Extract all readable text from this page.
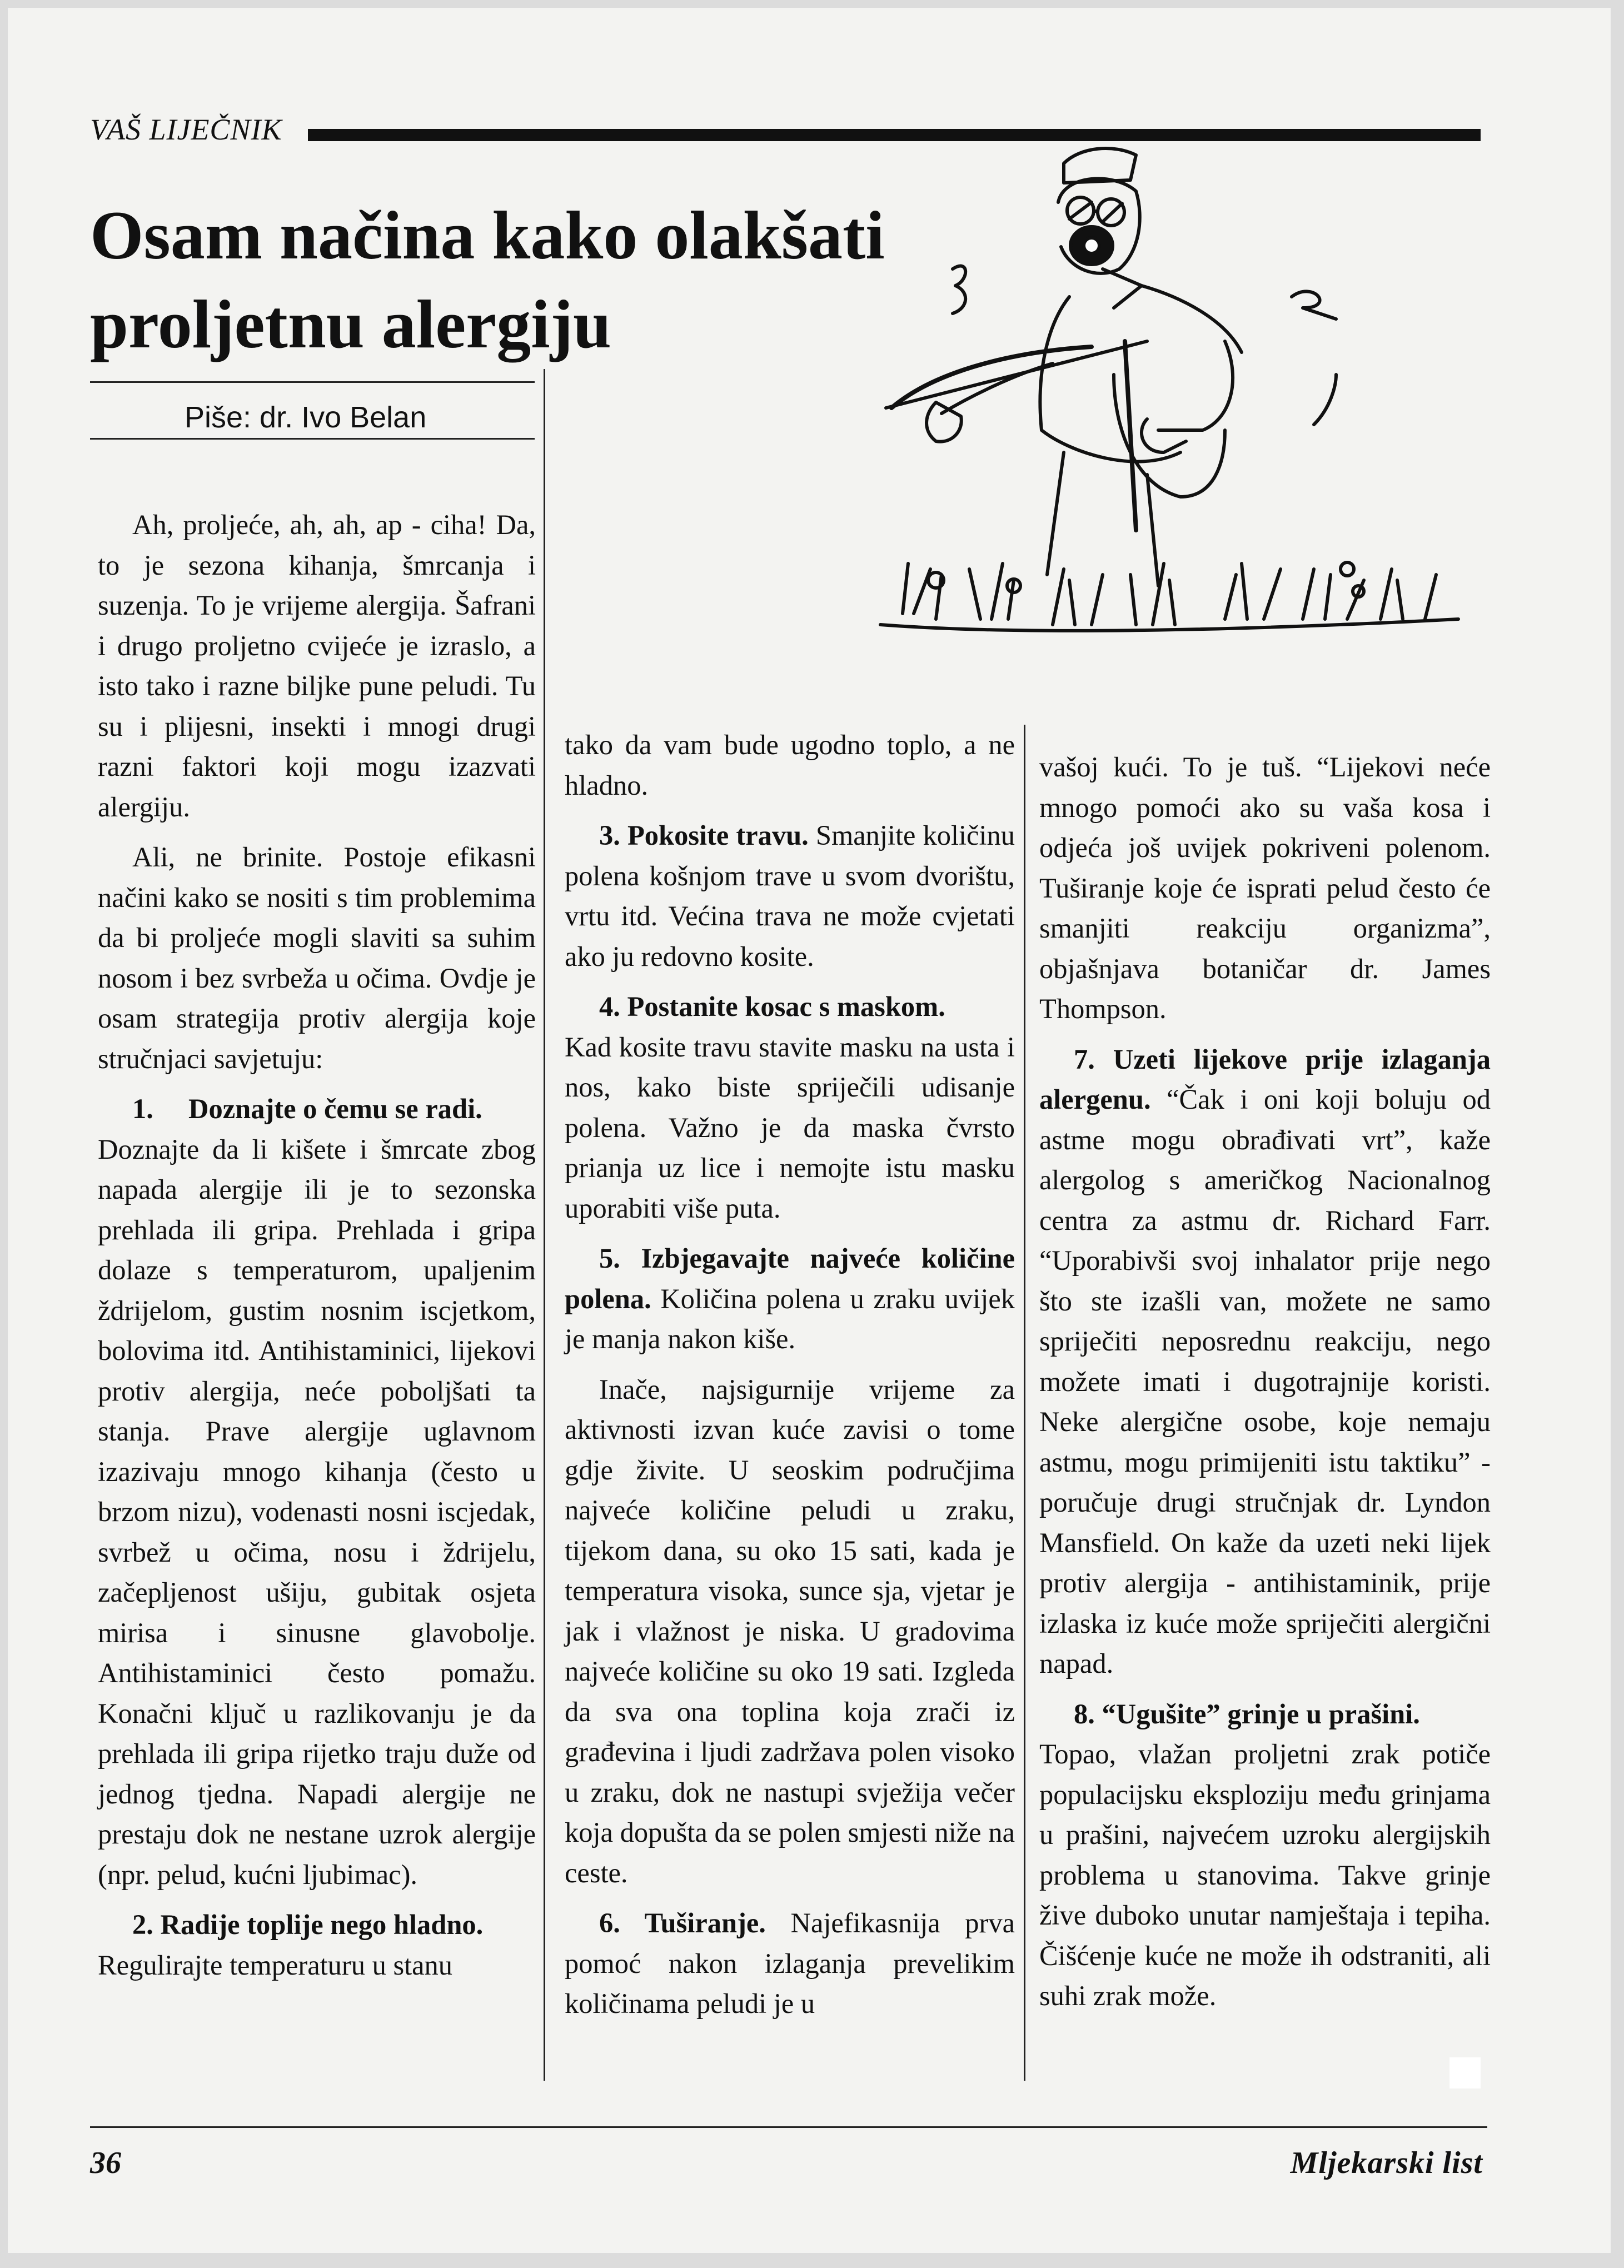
VAŠ LIJEČNIK
Osam načina kako olakšati proljetnu alergiju
Piše: dr. Ivo Belan

Ah, proljeće, ah, ah, ap - ciha! Da, to je sezona kihanja, šmrcanja i suzenja. To je vrijeme alergija. Šafrani i drugo proljetno cvijeće je izraslo, a isto tako i razne biljke pune peludi. Tu su i plijesni, insekti i mnogi drugi razni faktori koji mogu izazvati alergiju.

Ali, ne brinite. Postoje efikasni načini kako se nositi s tim problemima da bi proljeće mogli slaviti sa suhim nosom i bez svrbeža u očima. Ovdje je osam strategija protiv alergija koje stručnjaci savjetuju:

1.     Doznajte o čemu se radi.

Doznajte da li kišete i šmrcate zbog napada alergije ili je to sezonska prehlada ili gripa. Prehlada i gripa dolaze s temperaturom, upaljenim ždrijelom, gustim nosnim iscjetkom, bolovima itd. Antihistaminici, lijekovi protiv alergija, neće poboljšati ta stanja. Prave alergije uglavnom izazivaju mnogo kihanja (često u brzom nizu), vodenasti nosni iscjedak, svrbež u očima, nosu i ždrijelu, začepljenost ušiju, gubitak osjeta mirisa i sinusne glavobolje. Antihistaminici često pomažu. Konačni ključ u razlikovanju je da prehlada ili gripa rijetko traju duže od jednog tjedna. Napadi alergije ne prestaju dok ne nestane uzrok alergije (npr. pelud, kućni ljubimac).

2. Radije toplije nego hladno.

Regulirajte temperaturu u stanu

tako da vam bude ugodno toplo, a ne hladno.

3. Pokosite travu. Smanjite količinu polena košnjom trave u svom dvorištu, vrtu itd. Većina trava ne može cvjetati ako ju redovno kosite.

4. Postanite kosac s maskom.

Kad kosite travu stavite masku na usta i nos, kako biste spriječili udisanje polena. Važno je da maska čvrsto prianja uz lice i nemojte istu masku uporabiti više puta.

5. Izbjegavajte najveće količine polena. Količina polena u zraku uvijek je manja nakon kiše.

Inače, najsigurnije vrijeme za aktivnosti izvan kuće zavisi o tome gdje živite. U seoskim područjima najveće količine peludi u zraku, tijekom dana, su oko 15 sati, kada je temperatura visoka, sunce sja, vjetar je jak i vlažnost je niska. U gradovima najveće količine su oko 19 sati. Izgleda da sva ona toplina koja zrači iz građevina i ljudi zadržava polen visoko u zraku, dok ne nastupi svježija večer koja dopušta da se polen smjesti niže na ceste.

6. Tuširanje. Najefikasnija prva pomoć nakon izlaganja prevelikim količinama peludi je u

vašoj kući. To je tuš. “Lijekovi neće mnogo pomoći ako su vaša kosa i odjeća još uvijek pokriveni polenom. Tuširanje koje će isprati pelud često će smanjiti reakciju organizma”, objašnjava botaničar dr. James Thompson.

7. Uzeti lijekove prije izlaganja alergenu. “Čak i oni koji boluju od astme mogu obrađivati vrt”, kaže alergolog s američkog Nacionalnog centra za astmu dr. Richard Farr. “Uporabivši svoj inhalator prije nego što ste izašli van, možete ne samo spriječiti neposrednu reakciju, nego možete imati i dugotrajnije koristi. Neke alergične osobe, koje nemaju astmu, mogu primijeniti istu taktiku” - poručuje drugi stručnjak dr. Lyndon Mansfield. On kaže da uzeti neki lijek protiv alergija - antihistaminik, prije izlaska iz kuće može spriječiti alergični napad.

8. “Ugušite” grinje u prašini.

Topao, vlažan proljetni zrak potiče populacijsku eksploziju među grinjama u prašini, najvećem uzroku alergijskih problema u stanovima. Takve grinje žive duboko unutar namještaja i tepiha. Čišćenje kuće ne može ih odstraniti, ali suhi zrak može.

36	Mljekarski list
